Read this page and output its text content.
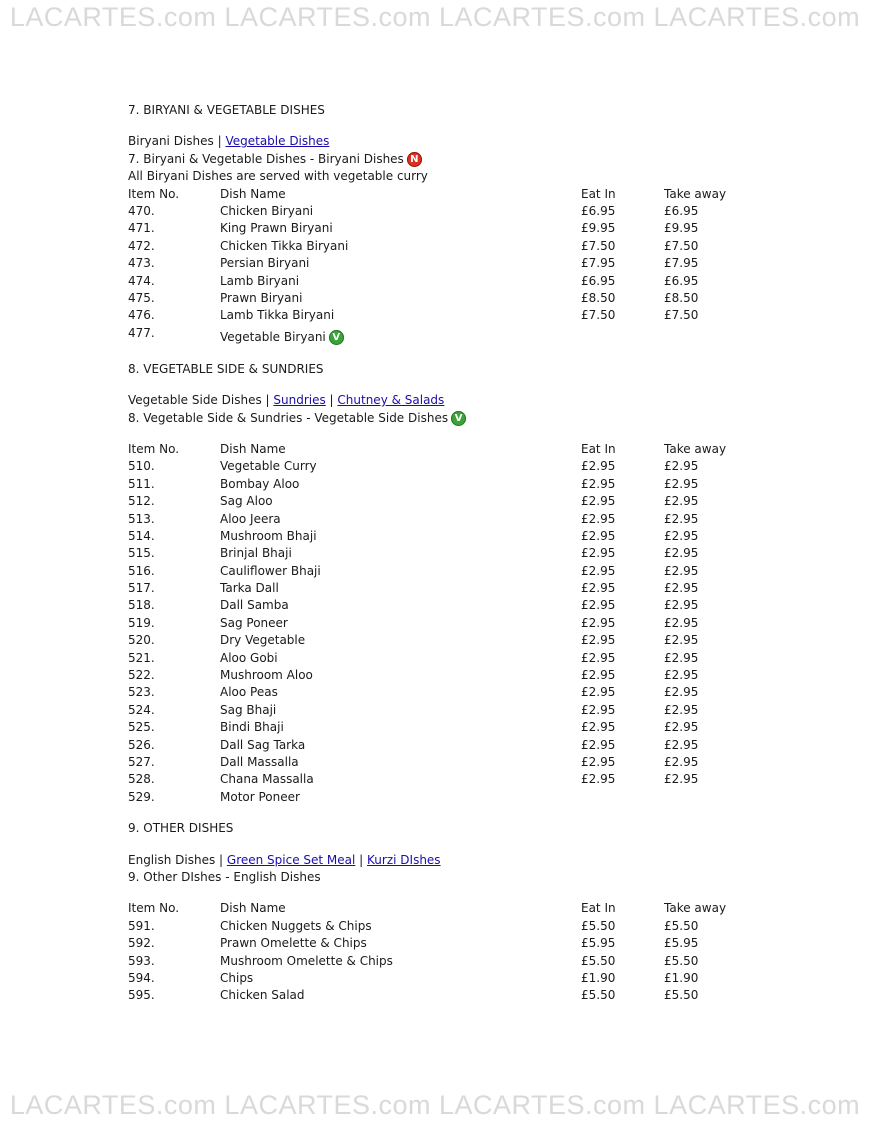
LACARTES.com LACARTES.com LACARTES.com LACARTES.com
7. BIRYANI & VEGETABLE DISHES
Biryani Dishes | Vegetable Dishes
7. Biryani & Vegetable Dishes - Biryani Dishes N
All Biryani Dishes are served with vegetable curry
Item No.	Dish Name	Eat In	Take away
470.	Chicken Biryani	£6.95	£6.95
471.	King Prawn Biryani	£9.95	£9.95
472.	Chicken Tikka Biryani	£7.50	£7.50
473.	Persian Biryani	£7.95	£7.95
474.	Lamb Biryani	£6.95	£6.95
475.	Prawn Biryani	£8.50	£8.50
476.	Lamb Tikka Biryani	£7.50	£7.50
477.	Vegetable Biryani V
8. VEGETABLE SIDE & SUNDRIES
Vegetable Side Dishes | Sundries | Chutney & Salads
8. Vegetable Side & Sundries - Vegetable Side Dishes V
Item No.	Dish Name	Eat In	Take away
510.	Vegetable Curry	£2.95	£2.95
511.	Bombay Aloo	£2.95	£2.95
512.	Sag Aloo	£2.95	£2.95
513.	Aloo Jeera	£2.95	£2.95
514.	Mushroom Bhaji	£2.95	£2.95
515.	Brinjal Bhaji	£2.95	£2.95
516.	Cauliflower Bhaji	£2.95	£2.95
517.	Tarka Dall	£2.95	£2.95
518.	Dall Samba	£2.95	£2.95
519.	Sag Poneer	£2.95	£2.95
520.	Dry Vegetable	£2.95	£2.95
521.	Aloo Gobi	£2.95	£2.95
522.	Mushroom Aloo	£2.95	£2.95
523.	Aloo Peas	£2.95	£2.95
524.	Sag Bhaji	£2.95	£2.95
525.	Bindi Bhaji	£2.95	£2.95
526.	Dall Sag Tarka	£2.95	£2.95
527.	Dall Massalla	£2.95	£2.95
528.	Chana Massalla	£2.95	£2.95
529.	Motor Poneer
9. OTHER DISHES
English Dishes | Green Spice Set Meal | Kurzi DIshes
9. Other DIshes - English Dishes
Item No.	Dish Name	Eat In	Take away
591.	Chicken Nuggets & Chips	£5.50	£5.50
592.	Prawn Omelette & Chips	£5.95	£5.95
593.	Mushroom Omelette & Chips	£5.50	£5.50
594.	Chips	£1.90	£1.90
595.	Chicken Salad	£5.50	£5.50
LACARTES.com LACARTES.com LACARTES.com LACARTES.com
